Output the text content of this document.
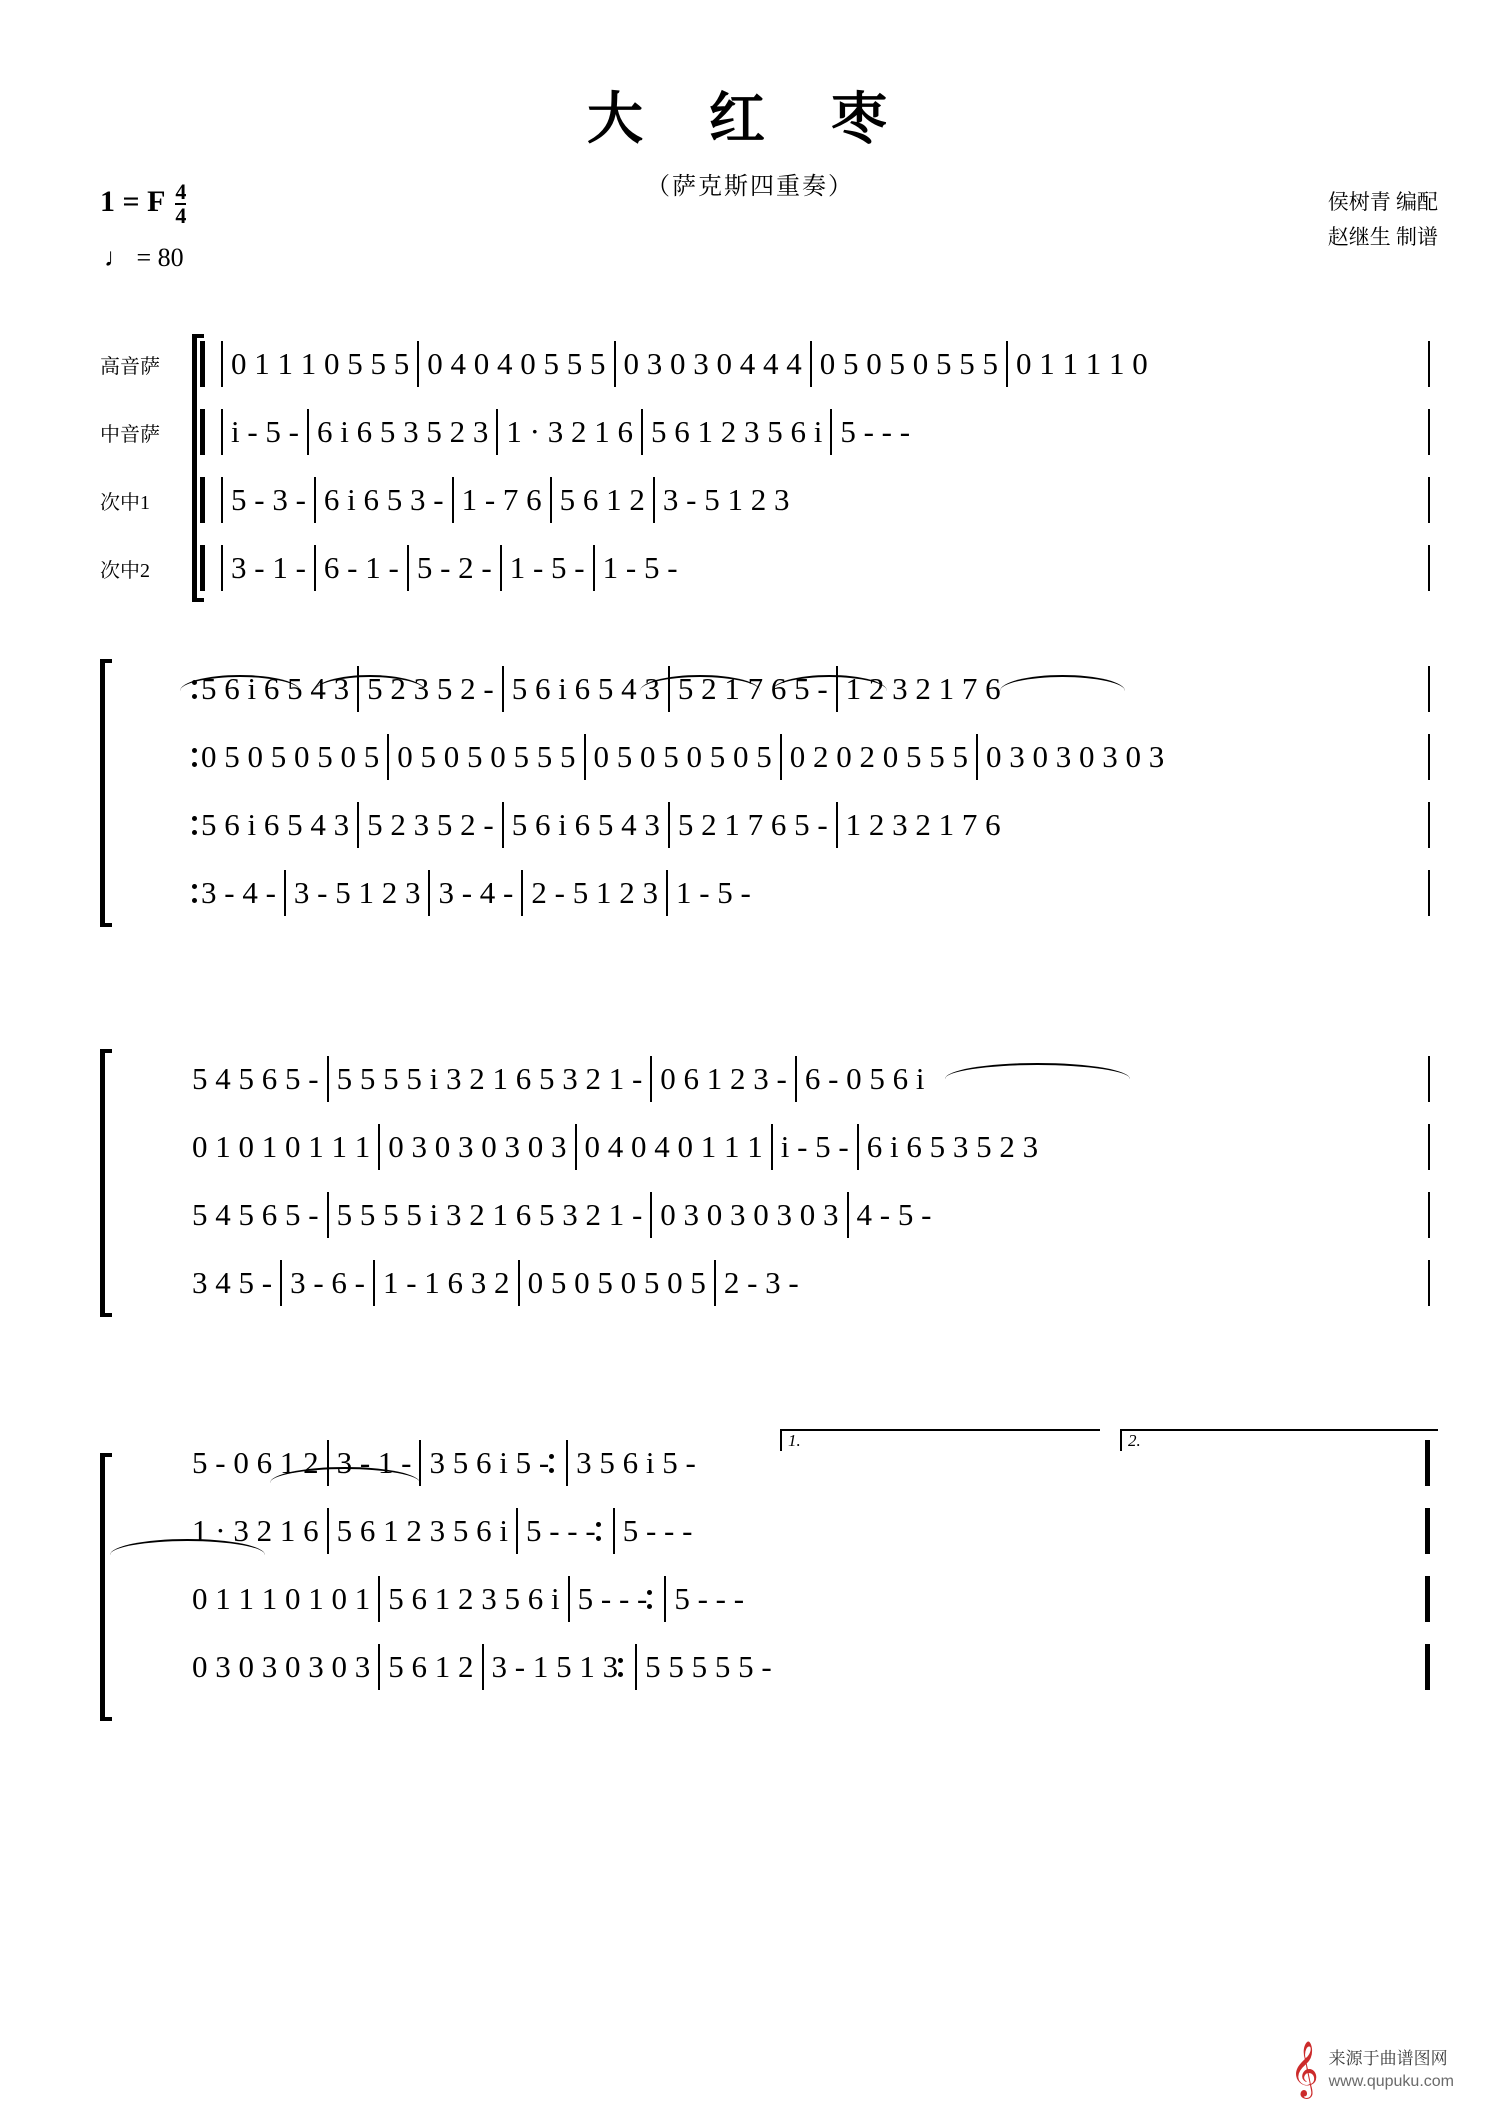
大 红 枣
（萨克斯四重奏）
1 = F $\frac{4}{4}$
♩ = 80
侯树青 编配
赵继生 制谱
高音萨	0 1 1 1 0 5 5 5 0 4 0 4 0 5 5 5 0 3 0 3 0 4 4 4 0 5 0 5 0 5 5 5 0 1 1 1 1 0
中音萨	i - 5 - 6 i 6 5 3 5 2 3 1 · 3 2 1 6 5 6 1 2 3 5 6 i 5 - - -
次中1	5 - 3 - 6 i 6 5 3 - 1 - 7 6 5 6 1 2 3 - 5 1 2 3
次中2	3 - 1 - 6 - 1 - 5 - 2 - 1 - 5 - 1 - 5 -
5 6 i 6 5 4 3 5 2 3 5 2 - 5 6 i 6 5 4 3 5 2 1 7 6 5 - 1 2 3 2 1 7 6
0 5 0 5 0 5 0 5 0 5 0 5 0 5 5 5 0 5 0 5 0 5 0 5 0 2 0 2 0 5 5 5 0 3 0 3 0 3 0 3
5 6 i 6 5 4 3 5 2 3 5 2 - 5 6 i 6 5 4 3 5 2 1 7 6 5 - 1 2 3 2 1 7 6
3 - 4 - 3 - 5 1 2 3 3 - 4 - 2 - 5 1 2 3 1 - 5 -
5 4 5 6 5 - 5 5 5 5 i 3 2 1 6 5 3 2 1 - 0 6 1 2 3 - 6 - 0 5 6 i
0 1 0 1 0 1 1 1 0 3 0 3 0 3 0 3 0 4 0 4 0 1 1 1 i - 5 - 6 i 6 5 3 5 2 3
5 4 5 6 5 - 5 5 5 5 i 3 2 1 6 5 3 2 1 - 0 3 0 3 0 3 0 3 4 - 5 -
3 4 5 - 3 - 6 - 1 - 1 6 3 2 0 5 0 5 0 5 0 5 2 - 3 -
1.	2.
5 - 0 6 1 2 3 - 1 - 3 5 6 i 5 - 3 5 6 i 5 -
1 · 3 2 1 6 5 6 1 2 3 5 6 i 5 - - - 5 - - -
0 1 1 1 0 1 0 1 5 6 1 2 3 5 6 i 5 - - - 5 - - -
0 3 0 3 0 3 0 3 5 6 1 2 3 - 1 5 1 3 5 5 5 5 5 -
𝄞 来源于曲谱图网
www.qupuku.com
